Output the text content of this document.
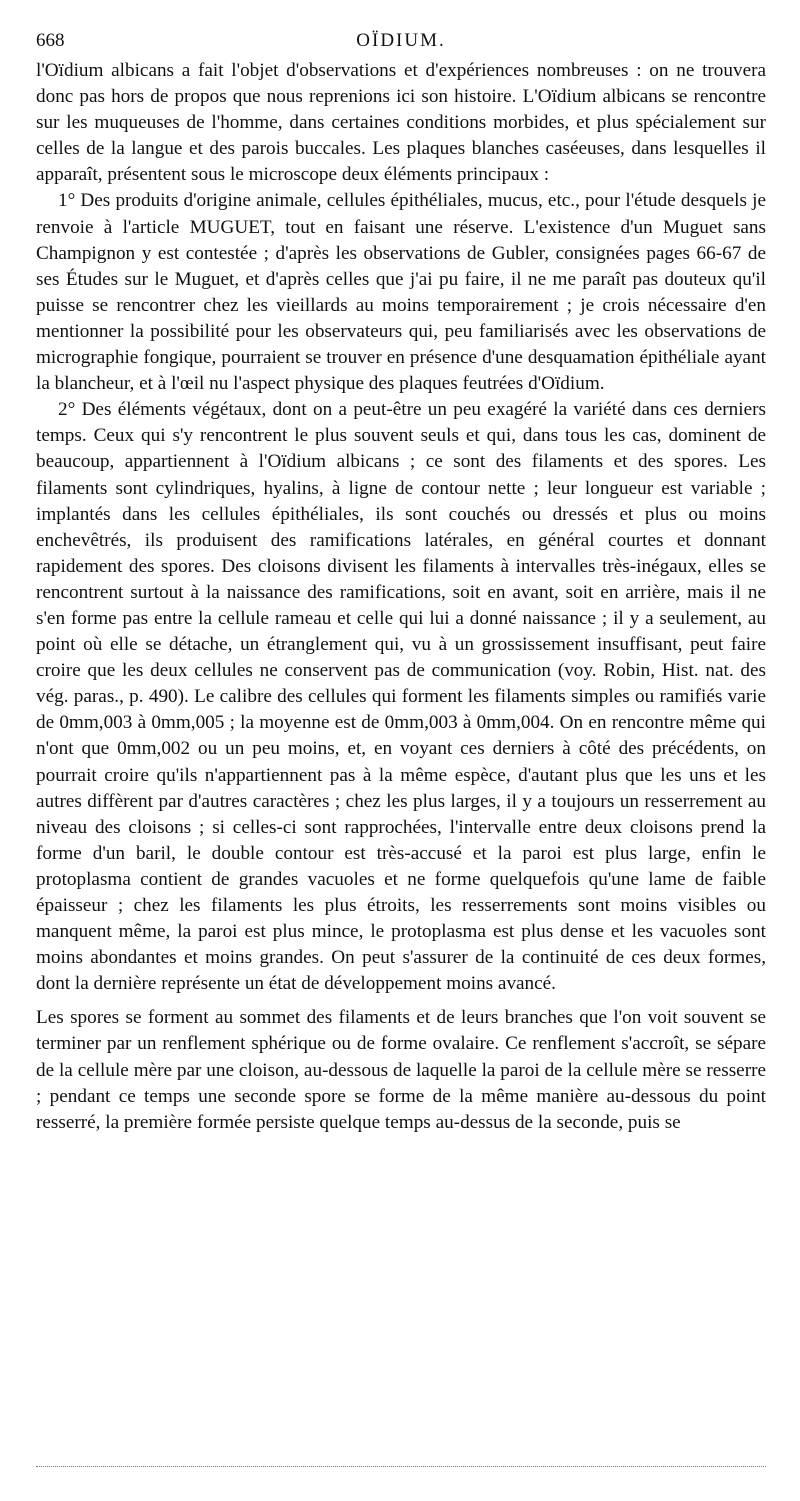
668	OÏDIUM.

l'Oïdium albicans a fait l'objet d'observations et d'expériences nombreuses : on ne trouvera donc pas hors de propos que nous reprenions ici son histoire. L'Oïdium albicans se rencontre sur les muqueuses de l'homme, dans certaines conditions morbides, et plus spécialement sur celles de la langue et des parois buccales. Les plaques blanches caséeuses, dans lesquelles il apparaît, présentent sous le microscope deux éléments principaux :

1° Des produits d'origine animale, cellules épithéliales, mucus, etc., pour l'étude desquels je renvoie à l'article MUGUET, tout en faisant une réserve. L'existence d'un Muguet sans Champignon y est contestée ; d'après les observations de Gubler, consignées pages 66-67 de ses Études sur le Muguet, et d'après celles que j'ai pu faire, il ne me paraît pas douteux qu'il puisse se rencontrer chez les vieillards au moins temporairement ; je crois nécessaire d'en mentionner la possibilité pour les observateurs qui, peu familiarisés avec les observations de micrographie fongique, pourraient se trouver en présence d'une desquamation épithéliale ayant la blancheur, et à l'œil nu l'aspect physique des plaques feutrées d'Oïdium.

2° Des éléments végétaux, dont on a peut-être un peu exagéré la variété dans ces derniers temps. Ceux qui s'y rencontrent le plus souvent seuls et qui, dans tous les cas, dominent de beaucoup, appartiennent à l'Oïdium albicans ; ce sont des filaments et des spores. Les filaments sont cylindriques, hyalins, à ligne de contour nette ; leur longueur est variable ; implantés dans les cellules épithéliales, ils sont couchés ou dressés et plus ou moins enchevêtrés, ils produisent des ramifications latérales, en général courtes et donnant rapidement des spores. Des cloisons divisent les filaments à intervalles très-inégaux, elles se rencontrent surtout à la naissance des ramifications, soit en avant, soit en arrière, mais il ne s'en forme pas entre la cellule rameau et celle qui lui a donné naissance ; il y a seulement, au point où elle se détache, un étranglement qui, vu à un grossissement insuffisant, peut faire croire que les deux cellules ne conservent pas de communication (voy. Robin, Hist. nat. des vég. paras., p. 490). Le calibre des cellules qui forment les filaments simples ou ramifiés varie de 0mm,003 à 0mm,005 ; la moyenne est de 0mm,003 à 0mm,004. On en rencontre même qui n'ont que 0mm,002 ou un peu moins, et, en voyant ces derniers à côté des précédents, on pourrait croire qu'ils n'appartiennent pas à la même espèce, d'autant plus que les uns et les autres diffèrent par d'autres caractères ; chez les plus larges, il y a toujours un resserrement au niveau des cloisons ; si celles-ci sont rapprochées, l'intervalle entre deux cloisons prend la forme d'un baril, le double contour est très-accusé et la paroi est plus large, enfin le protoplasma contient de grandes vacuoles et ne forme quelquefois qu'une lame de faible épaisseur ; chez les filaments les plus étroits, les resserrements sont moins visibles ou manquent même, la paroi est plus mince, le protoplasma est plus dense et les vacuoles sont moins abondantes et moins grandes. On peut s'assurer de la continuité de ces deux formes, dont la dernière représente un état de développement moins avancé.

Les spores se forment au sommet des filaments et de leurs branches que l'on voit souvent se terminer par un renflement sphérique ou de forme ovalaire. Ce renflement s'accroît, se sépare de la cellule mère par une cloison, au-dessous de laquelle la paroi de la cellule mère se resserre ; pendant ce temps une seconde spore se forme de la même manière au-dessous du point resserré, la première formée persiste quelque temps au-dessus de la seconde, puis se
